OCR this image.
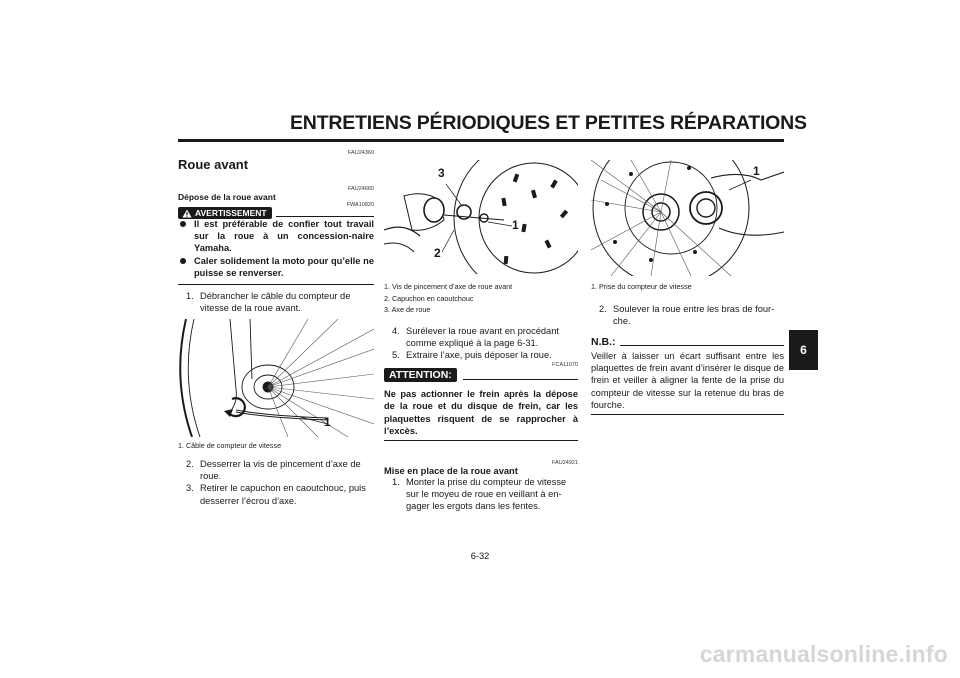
ENTRETIENS PÉRIODIQUES ET PETITES RÉPARATIONS
6
FAU24360
Roue avant
FAU24660
Dépose de la roue avant
AVERTISSEMENT
FWA10820
Il est préférable de confier tout travail sur la roue à un concession-naire Yamaha.
Caler solidement la moto pour qu’elle ne puisse se renverser.
1. Débrancher le câble du compteur de vitesse de la roue avant.
1
1. Câble de compteur de vitesse
2. Desserrer la vis de pincement d’axe de roue.
3. Retirer le capuchon en caoutchouc, puis desserrer l’écrou d’axe.
3
1
2
1. Vis de pincement d’axe de roue avant
2. Capuchon en caoutchouc
3. Axe de roue
4. Surélever la roue avant en procédant comme expliqué à la page 6-31.
5. Extraire l’axe, puis déposer la roue.
FCA11070
ATTENTION:
Ne pas actionner le frein après la dépose de la roue et du disque de frein, car les plaquettes risquent de se rapprocher à l’excès.
FAU24921
Mise en place de la roue avant
1. Monter la prise du compteur de vitesse sur le moyeu de roue en veillant à en-gager les ergots dans les fentes.
1
1. Prise du compteur de vitesse
2. Soulever la roue entre les bras de four-che.
N.B.:
Veiller à laisser un écart suffisant entre les plaquettes de frein avant d’insérer le disque de frein et veiller à aligner la fente de la prise du compteur de vitesse sur la retenue du bras de fourche.
6-32
carmanualsonline.info
